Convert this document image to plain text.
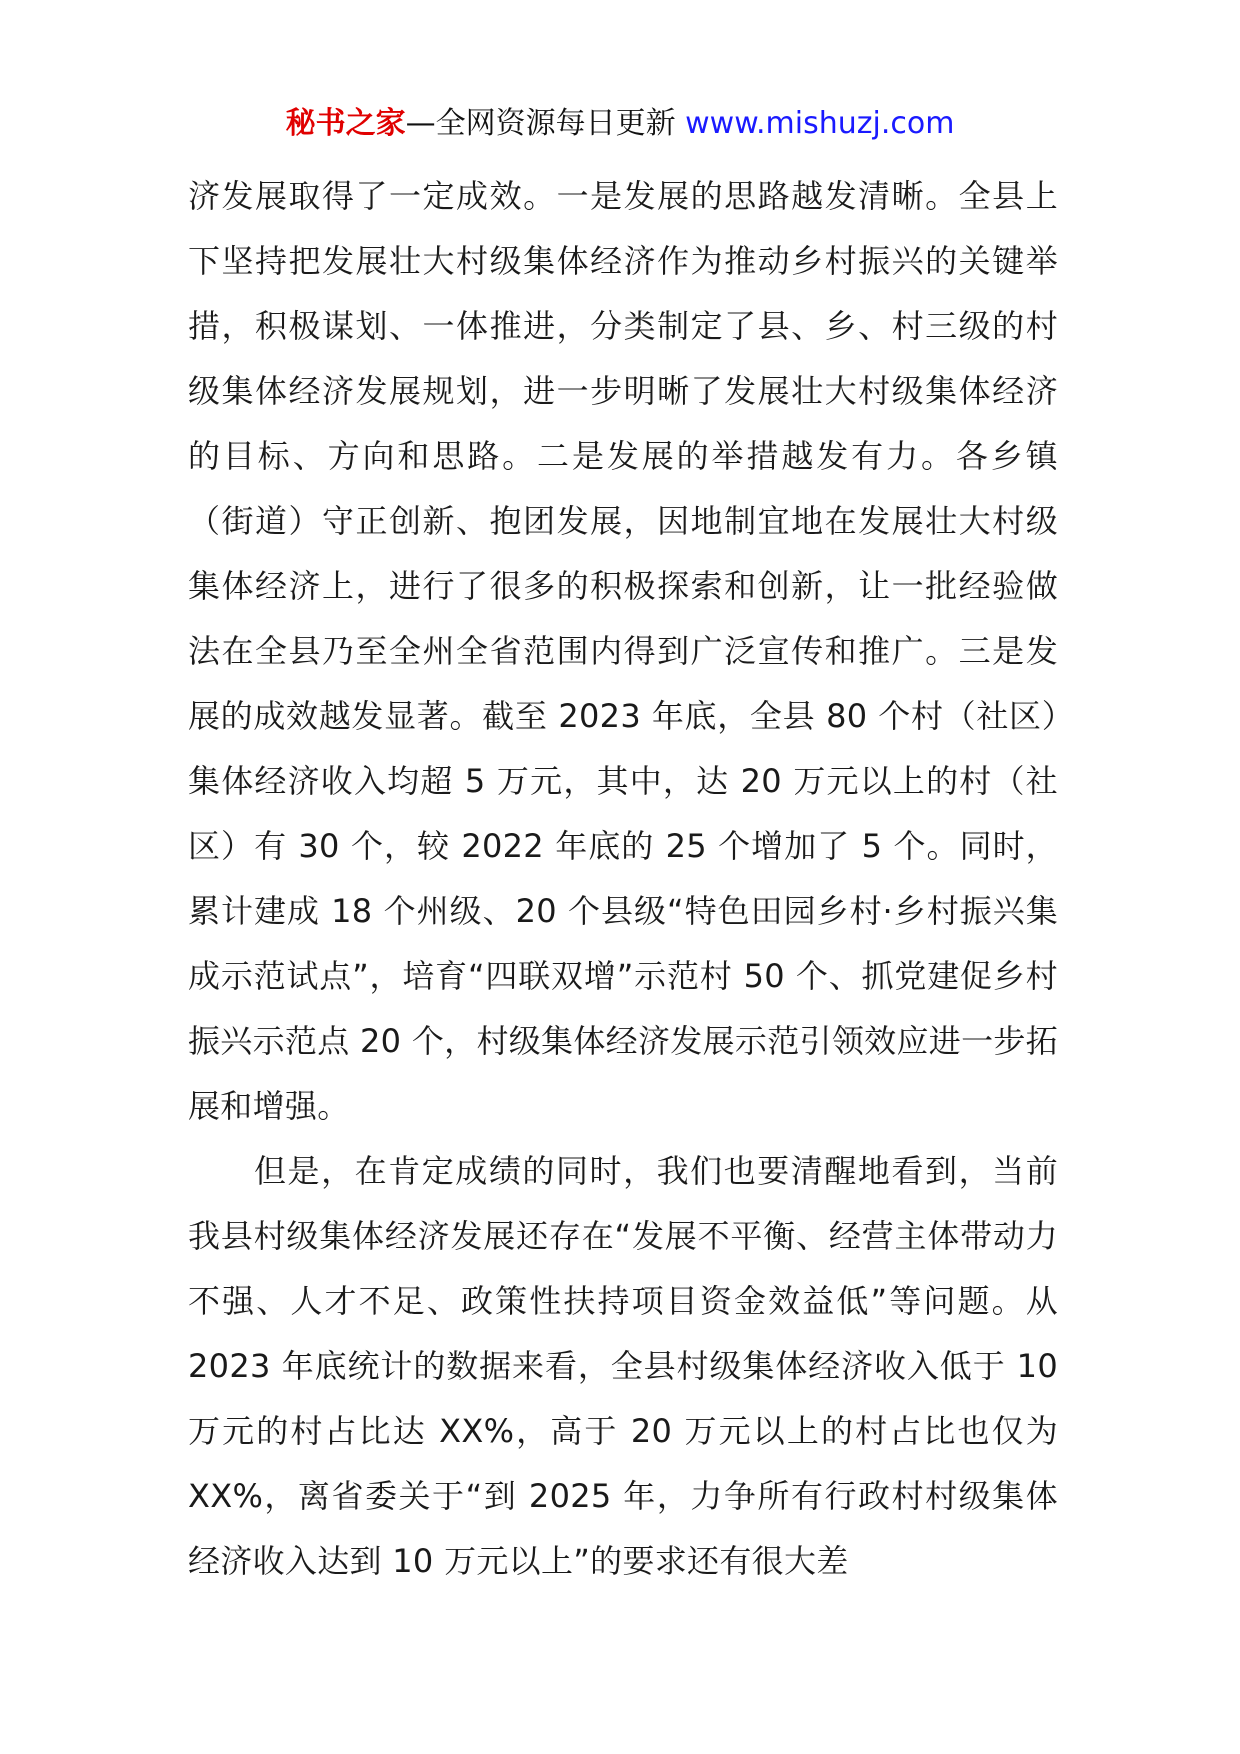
秘书之家—全网资源每日更新 www.mishuzj.com

济发展取得了一定成效。一是发展的思路越发清晰。全县上下坚持把发展壮大村级集体经济作为推动乡村振兴的关键举措，积极谋划、一体推进，分类制定了县、乡、村三级的村级集体经济发展规划，进一步明晰了发展壮大村级集体经济的目标、方向和思路。二是发展的举措越发有力。各乡镇（街道）守正创新、抱团发展，因地制宜地在发展壮大村级集体经济上，进行了很多的积极探索和创新，让一批经验做法在全县乃至全州全省范围内得到广泛宣传和推广。三是发展的成效越发显著。截至 2023 年底，全县 80 个村（社区）集体经济收入均超 5 万元，其中，达 20 万元以上的村（社区）有 30 个，较 2022 年底的 25 个增加了 5 个。同时，累计建成 18 个州级、20 个县级“特色田园乡村·乡村振兴集成示范试点”，培育“四联双增”示范村 50 个、抓党建促乡村振兴示范点 20 个，村级集体经济发展示范引领效应进一步拓展和增强。

但是，在肯定成绩的同时，我们也要清醒地看到，当前我县村级集体经济发展还存在“发展不平衡、经营主体带动力不强、人才不足、政策性扶持项目资金效益低”等问题。从 2023 年底统计的数据来看，全县村级集体经济收入低于 10 万元的村占比达 XX%，高于 20 万元以上的村占比也仅为 XX%，离省委关于“到 2025 年，力争所有行政村村级集体经济收入达到 10 万元以上”的要求还有很大差
